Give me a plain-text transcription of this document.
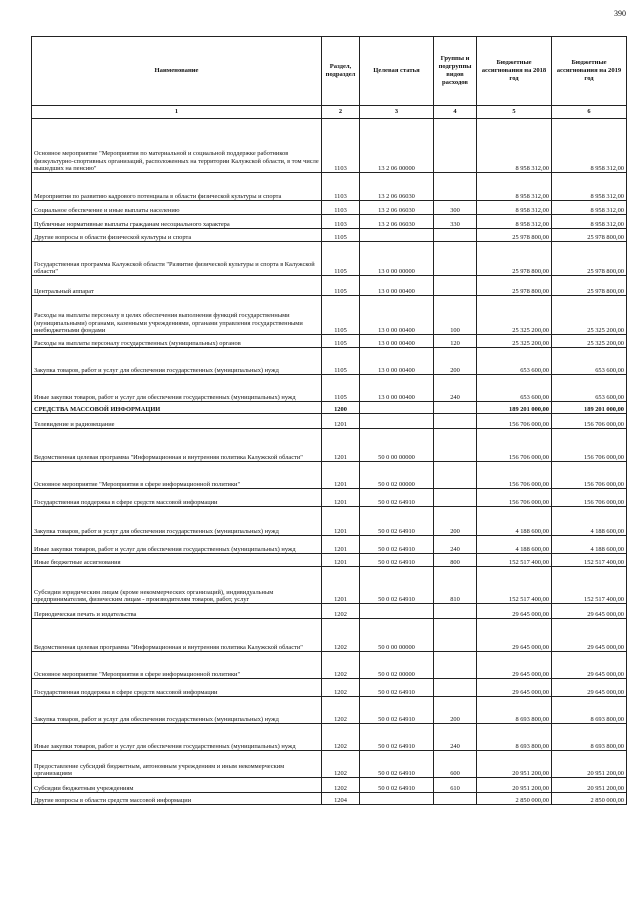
390
Наименование	Раздел, подраздел	Целевая статья	Группы и подгруппы видов расходов	Бюджетные ассигнования на 2018 год	Бюджетные ассигнования на 2019 год
1	2	3	4	5	6
Основное мероприятие "Мероприятия по материальной и социальной поддержке работников физкультурно-спортивных организаций, расположенных на территории Калужской области, в том числе вышедших на пенсию"	1103	13 2 06 00000		8 958 312,00	8 958 312,00
Мероприятия по развитию кадрового потенциала в области физической культуры и спорта	1103	13 2 06 06030		8 958 312,00	8 958 312,00
Социальное обеспечение и иные выплаты населению	1103	13 2 06 06030	300	8 958 312,00	8 958 312,00
Публичные нормативные выплаты гражданам несоциального характера	1103	13 2 06 06030	330	8 958 312,00	8 958 312,00
Другие вопросы в области физической культуры и спорта	1105			25 978 800,00	25 978 800,00
Государственная программа Калужской области "Развитие физической культуры и спорта в Калужской области"	1105	13 0 00 00000		25 978 800,00	25 978 800,00
Центральный аппарат	1105	13 0 00 00400		25 978 800,00	25 978 800,00
Расходы на выплаты персоналу в целях обеспечения выполнения функций государственными (муниципальными) органами, казенными учреждениями, органами управления государственными внебюджетными фондами	1105	13 0 00 00400	100	25 325 200,00	25 325 200,00
Расходы на выплаты персоналу государственных (муниципальных) органов	1105	13 0 00 00400	120	25 325 200,00	25 325 200,00
Закупка товаров, работ и услуг для обеспечения государственных (муниципальных) нужд	1105	13 0 00 00400	200	653 600,00	653 600,00
Иные закупки товаров, работ и услуг для обеспечения государственных (муниципальных) нужд	1105	13 0 00 00400	240	653 600,00	653 600,00
СРЕДСТВА МАССОВОЙ ИНФОРМАЦИИ	1200			189 201 000,00	189 201 000,00
Телевидение и радиовещание	1201			156 706 000,00	156 706 000,00
Ведомственная целевая программа "Информационная и внутренняя политика Калужской области"	1201	50 0 00 00000		156 706 000,00	156 706 000,00
Основное мероприятие "Мероприятия в сфере информационной политики"	1201	50 0 02 00000		156 706 000,00	156 706 000,00
Государственная поддержка в сфере средств массовой информации	1201	50 0 02 64910		156 706 000,00	156 706 000,00
Закупка товаров, работ и услуг для обеспечения государственных (муниципальных) нужд	1201	50 0 02 64910	200	4 188 600,00	4 188 600,00
Иные закупки товаров, работ и услуг для обеспечения государственных (муниципальных) нужд	1201	50 0 02 64910	240	4 188 600,00	4 188 600,00
Иные бюджетные ассигнования	1201	50 0 02 64910	800	152 517 400,00	152 517 400,00
Субсидии юридическим лицам (кроме некоммерческих организаций), индивидуальным предпринимателям, физическим лицам - производителям товаров, работ, услуг	1201	50 0 02 64910	810	152 517 400,00	152 517 400,00
Периодическая печать и издательства	1202			29 645 000,00	29 645 000,00
Ведомственная целевая программа "Информационная и внутренняя политика Калужской области"	1202	50 0 00 00000		29 645 000,00	29 645 000,00
Основное мероприятие "Мероприятия в сфере информационной политики"	1202	50 0 02 00000		29 645 000,00	29 645 000,00
Государственная поддержка в сфере средств массовой информации	1202	50 0 02 64910		29 645 000,00	29 645 000,00
Закупка товаров, работ и услуг для обеспечения государственных (муниципальных) нужд	1202	50 0 02 64910	200	8 693 800,00	8 693 800,00
Иные закупки товаров, работ и услуг для обеспечения государственных (муниципальных) нужд	1202	50 0 02 64910	240	8 693 800,00	8 693 800,00
Предоставление субсидий бюджетным, автономным учреждениям и иным некоммерческим организациям	1202	50 0 02 64910	600	20 951 200,00	20 951 200,00
Субсидии бюджетным учреждениям	1202	50 0 02 64910	610	20 951 200,00	20 951 200,00
Другие вопросы в области средств массовой информации	1204			2 850 000,00	2 850 000,00
